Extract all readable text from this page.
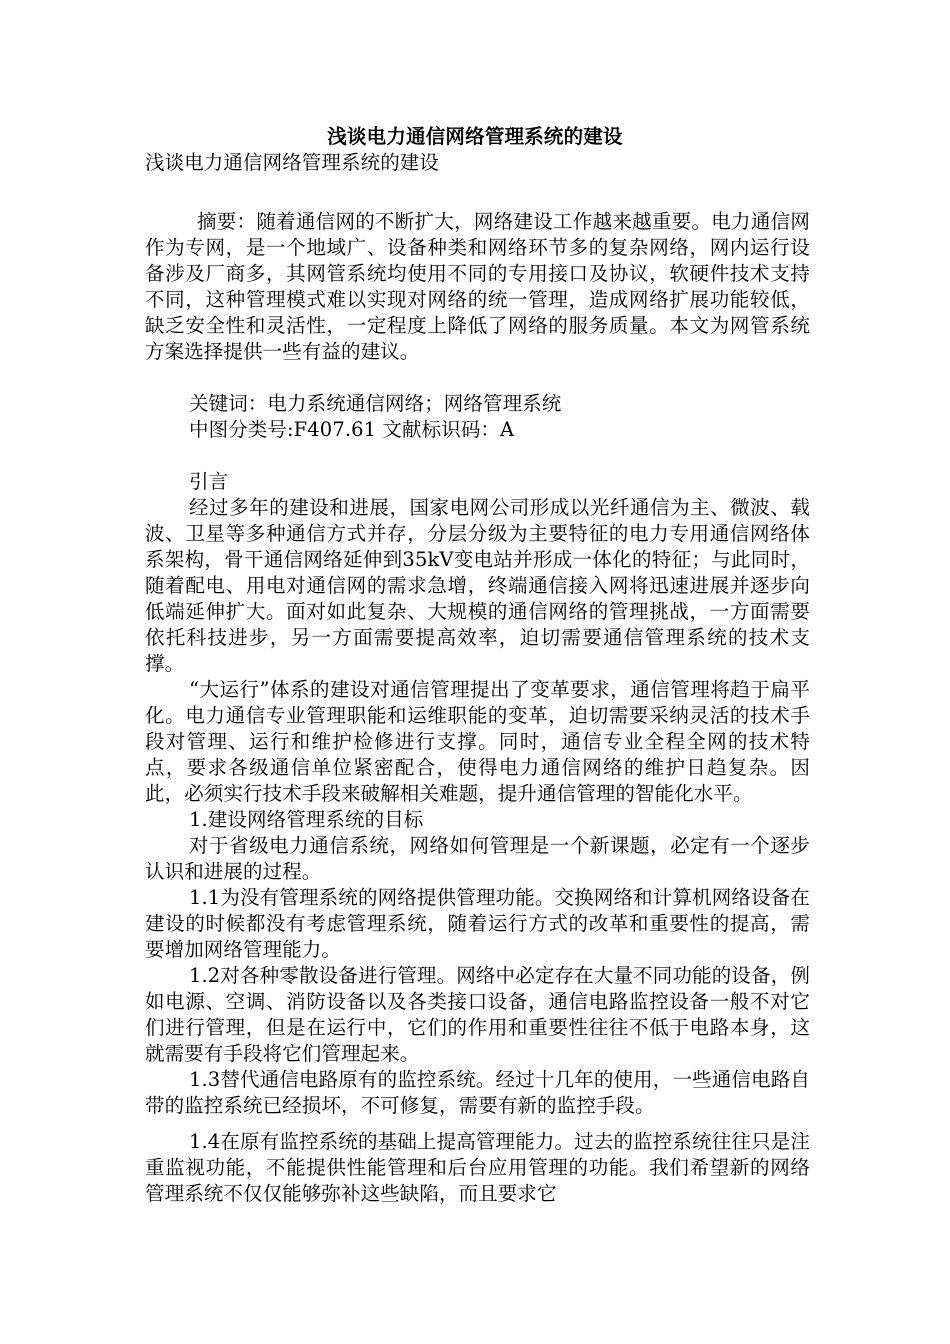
浅谈电力通信网络管理系统的建设
浅谈电力通信网络管理系统的建设
摘要：随着通信网的不断扩大，网络建设工作越来越重要。电力通信网作为专网，是一个地域广、设备种类和网络环节多的复杂网络，网内运行设备涉及厂商多，其网管系统均使用不同的专用接口及协议，软硬件技术支持不同，这种管理模式难以实现对网络的统一管理，造成网络扩展功能较低，缺乏安全性和灵活性，一定程度上降低了网络的服务质量。本文为网管系统方案选择提供一些有益的建议。
关键词：电力系统通信网络；网络管理系统
中图分类号:F407.61 文献标识码：A
引言
经过多年的建设和进展，国家电网公司形成以光纤通信为主、微波、载波、卫星等多种通信方式并存，分层分级为主要特征的电力专用通信网络体系架构，骨干通信网络延伸到35kV变电站并形成一体化的特征；与此同时，随着配电、用电对通信网的需求急增，终端通信接入网将迅速进展并逐步向低端延伸扩大。面对如此复杂、大规模的通信网络的管理挑战，一方面需要依托科技进步，另一方面需要提高效率，迫切需要通信管理系统的技术支撑。
“大运行”体系的建设对通信管理提出了变革要求，通信管理将趋于扁平化。电力通信专业管理职能和运维职能的变革，迫切需要采纳灵活的技术手段对管理、运行和维护检修进行支撑。同时，通信专业全程全网的技术特点，要求各级通信单位紧密配合，使得电力通信网络的维护日趋复杂。因此，必须实行技术手段来破解相关难题，提升通信管理的智能化水平。
1.建设网络管理系统的目标
对于省级电力通信系统，网络如何管理是一个新课题，必定有一个逐步认识和进展的过程。
1.1为没有管理系统的网络提供管理功能。交换网络和计算机网络设备在建设的时候都没有考虑管理系统，随着运行方式的改革和重要性的提高，需要增加网络管理能力。
1.2对各种零散设备进行管理。网络中必定存在大量不同功能的设备，例如电源、空调、消防设备以及各类接口设备，通信电路监控设备一般不对它们进行管理，但是在运行中，它们的作用和重要性往往不低于电路本身，这就需要有手段将它们管理起来。
1.3替代通信电路原有的监控系统。经过十几年的使用，一些通信电路自带的监控系统已经损坏，不可修复，需要有新的监控手段。
1.4在原有监控系统的基础上提高管理能力。过去的监控系统往往只是注重监视功能，不能提供性能管理和后台应用管理的功能。我们希望新的网络管理系统不仅仅能够弥补这些缺陷，而且要求它
